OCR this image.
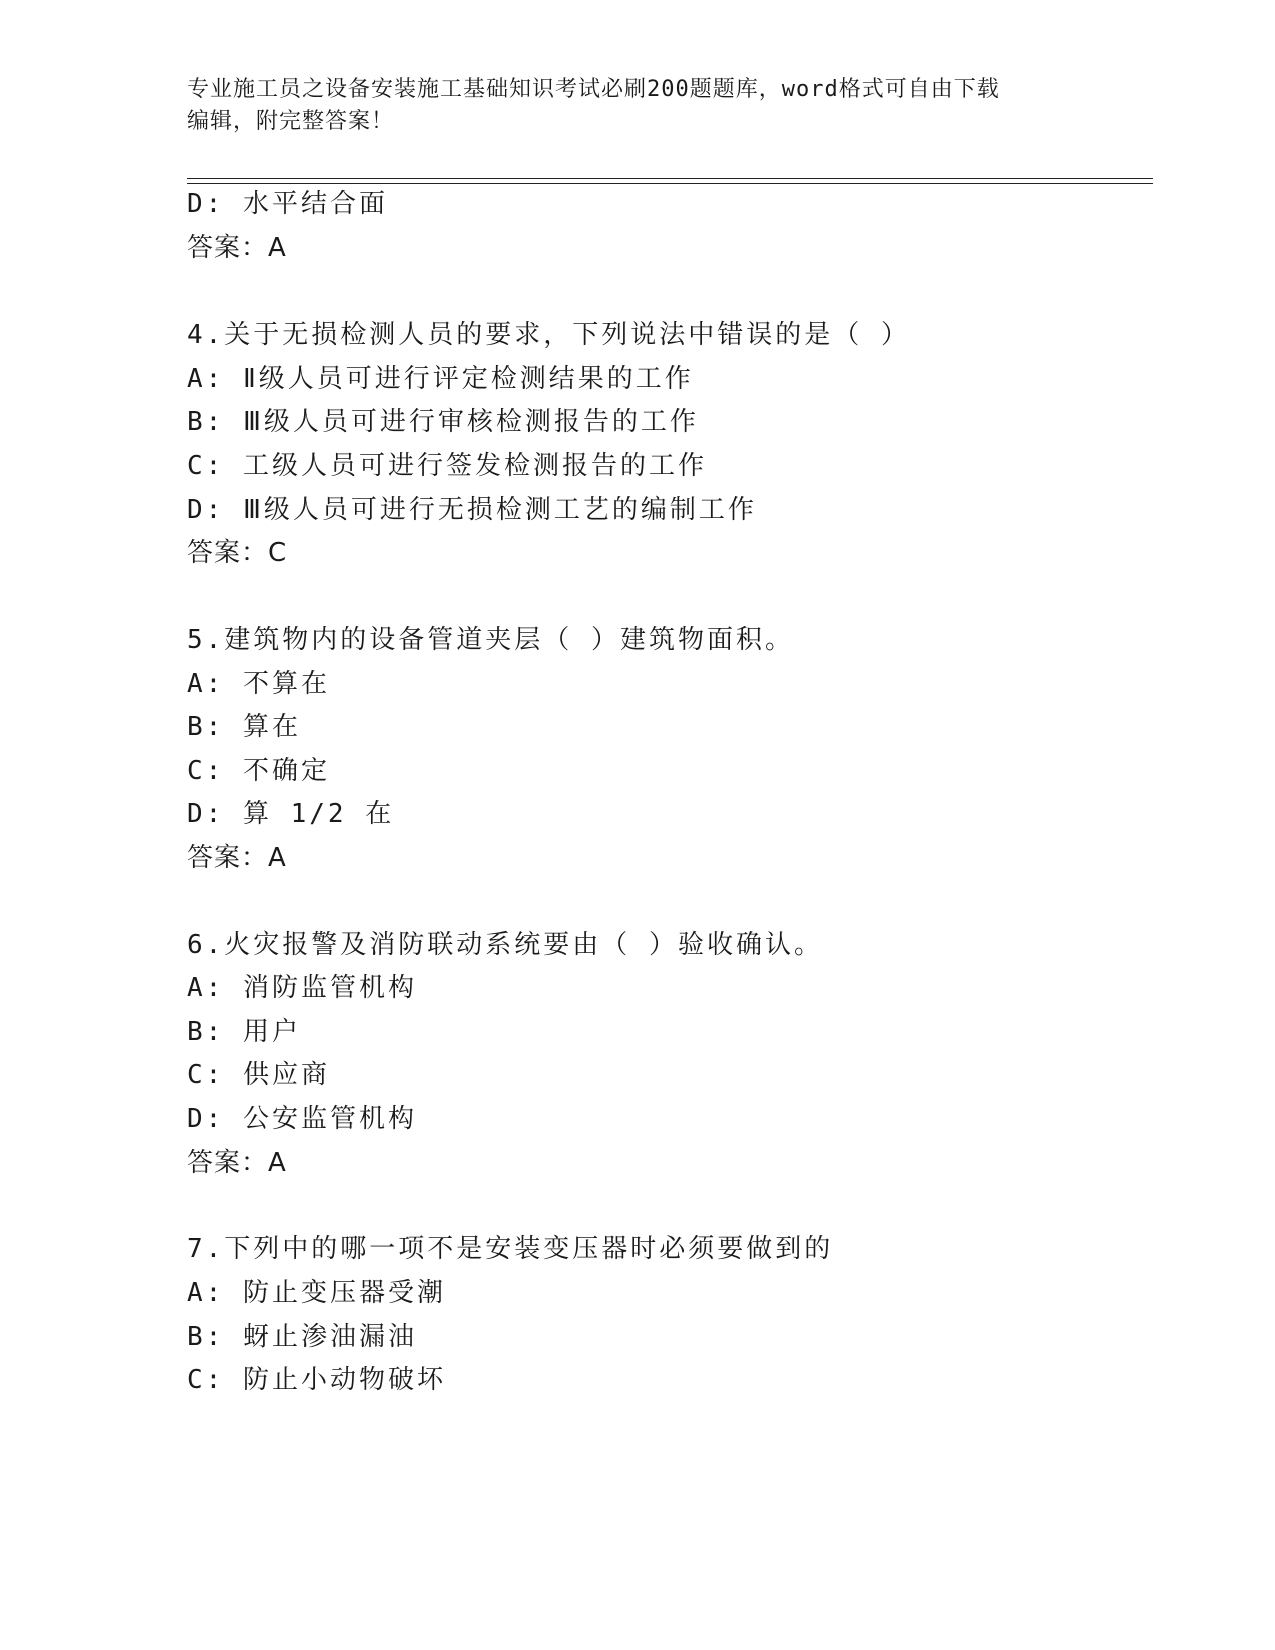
专业施工员之设备安装施工基础知识考试必刷200题题库，word格式可自由下载
编辑，附完整答案！
D: 水平结合面
答案：A
4.关于无损检测人员的要求，下列说法中错误的是（ ）
A: Ⅱ级人员可进行评定检测结果的工作
B: Ⅲ级人员可进行审核检测报告的工作
C: 工级人员可进行签发检测报告的工作
D: Ⅲ级人员可进行无损检测工艺的编制工作
答案：C
5.建筑物内的设备管道夹层（ ）建筑物面积。
A: 不算在
B: 算在
C: 不确定
D: 算 1/2 在
答案：A
6.火灾报警及消防联动系统要由（ ）验收确认。
A: 消防监管机构
B: 用户
C: 供应商
D: 公安监管机构
答案：A
7.下列中的哪一项不是安装变压器时必须要做到的
A: 防止变压器受潮
B: 蚜止渗油漏油
C: 防止小动物破坏
